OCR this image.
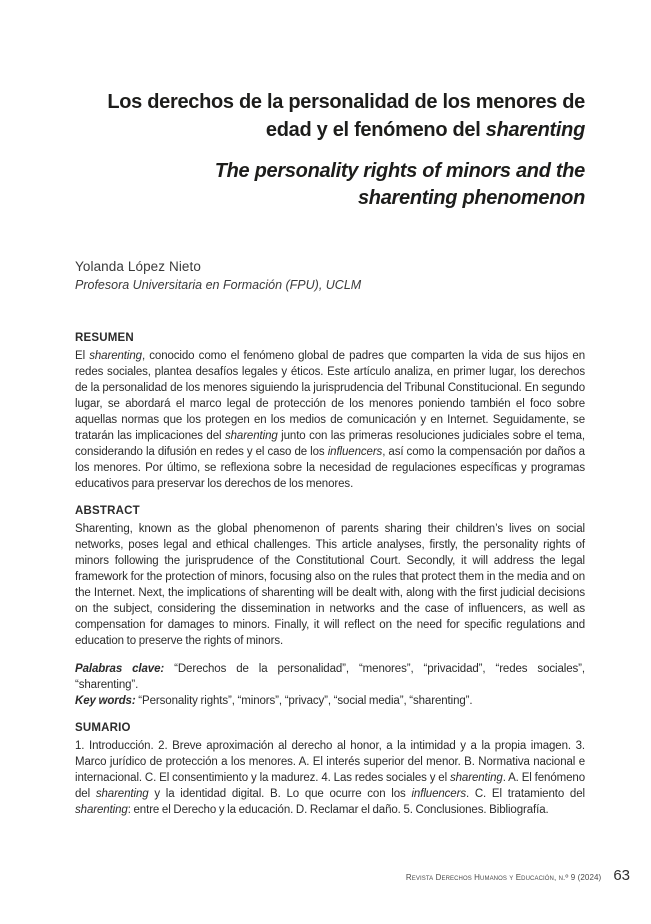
Los derechos de la personalidad de los menores de
edad y el fenómeno del sharenting
The personality rights of minors and the
sharenting phenomenon
Yolanda López Nieto
Profesora Universitaria en Formación (FPU), UCLM
RESUMEN

El sharenting, conocido como el fenómeno global de padres que comparten la vida de sus hijos en redes sociales, plantea desafíos legales y éticos. Este artículo analiza, en primer lugar, los derechos de la personalidad de los menores siguiendo la jurisprudencia del Tribunal Constitucional. En segundo lugar, se abordará el marco legal de protección de los menores poniendo también el foco sobre aquellas normas que los protegen en los medios de comunicación y en Internet. Seguidamente, se tratarán las implicaciones del sharenting junto con las primeras resoluciones judiciales sobre el tema, considerando la difusión en redes y el caso de los influencers, así como la compensación por daños a los menores. Por último, se reflexiona sobre la necesidad de regulaciones específicas y programas educativos para preservar los derechos de los menores.

ABSTRACT

Sharenting, known as the global phenomenon of parents sharing their children’s lives on social networks, poses legal and ethical challenges. This article analyses, firstly, the personality rights of minors following the jurisprudence of the Constitutional Court. Secondly, it will address the legal framework for the protection of minors, focusing also on the rules that protect them in the media and on the Internet. Next, the implications of sharenting will be dealt with, along with the first judicial decisions on the subject, considering the dissemination in networks and the case of influencers, as well as compensation for damages to minors. Finally, it will reflect on the need for specific regulations and education to preserve the rights of minors.

Palabras clave: “Derechos de la personalidad”, “menores”, “privacidad”, “redes sociales”, “sharenting”.

Key words: “Personality rights”, “minors”, “privacy”, “social media”, “sharenting”.

SUMARIO

1. Introducción. 2. Breve aproximación al derecho al honor, a la intimidad y a la propia imagen. 3. Marco jurídico de protección a los menores. A. El interés superior del menor. B. Normativa nacional e internacional. C. El consentimiento y la madurez. 4. Las redes sociales y el sharenting. A. El fenómeno del sharenting y la identidad digital. B. Lo que ocurre con los influencers. C. El tratamiento del sharenting: entre el Derecho y la educación. D. Reclamar el daño. 5. Conclusiones. Bibliografía.

Revista Derechos Humanos y Educación, n.º 9 (2024) 63
